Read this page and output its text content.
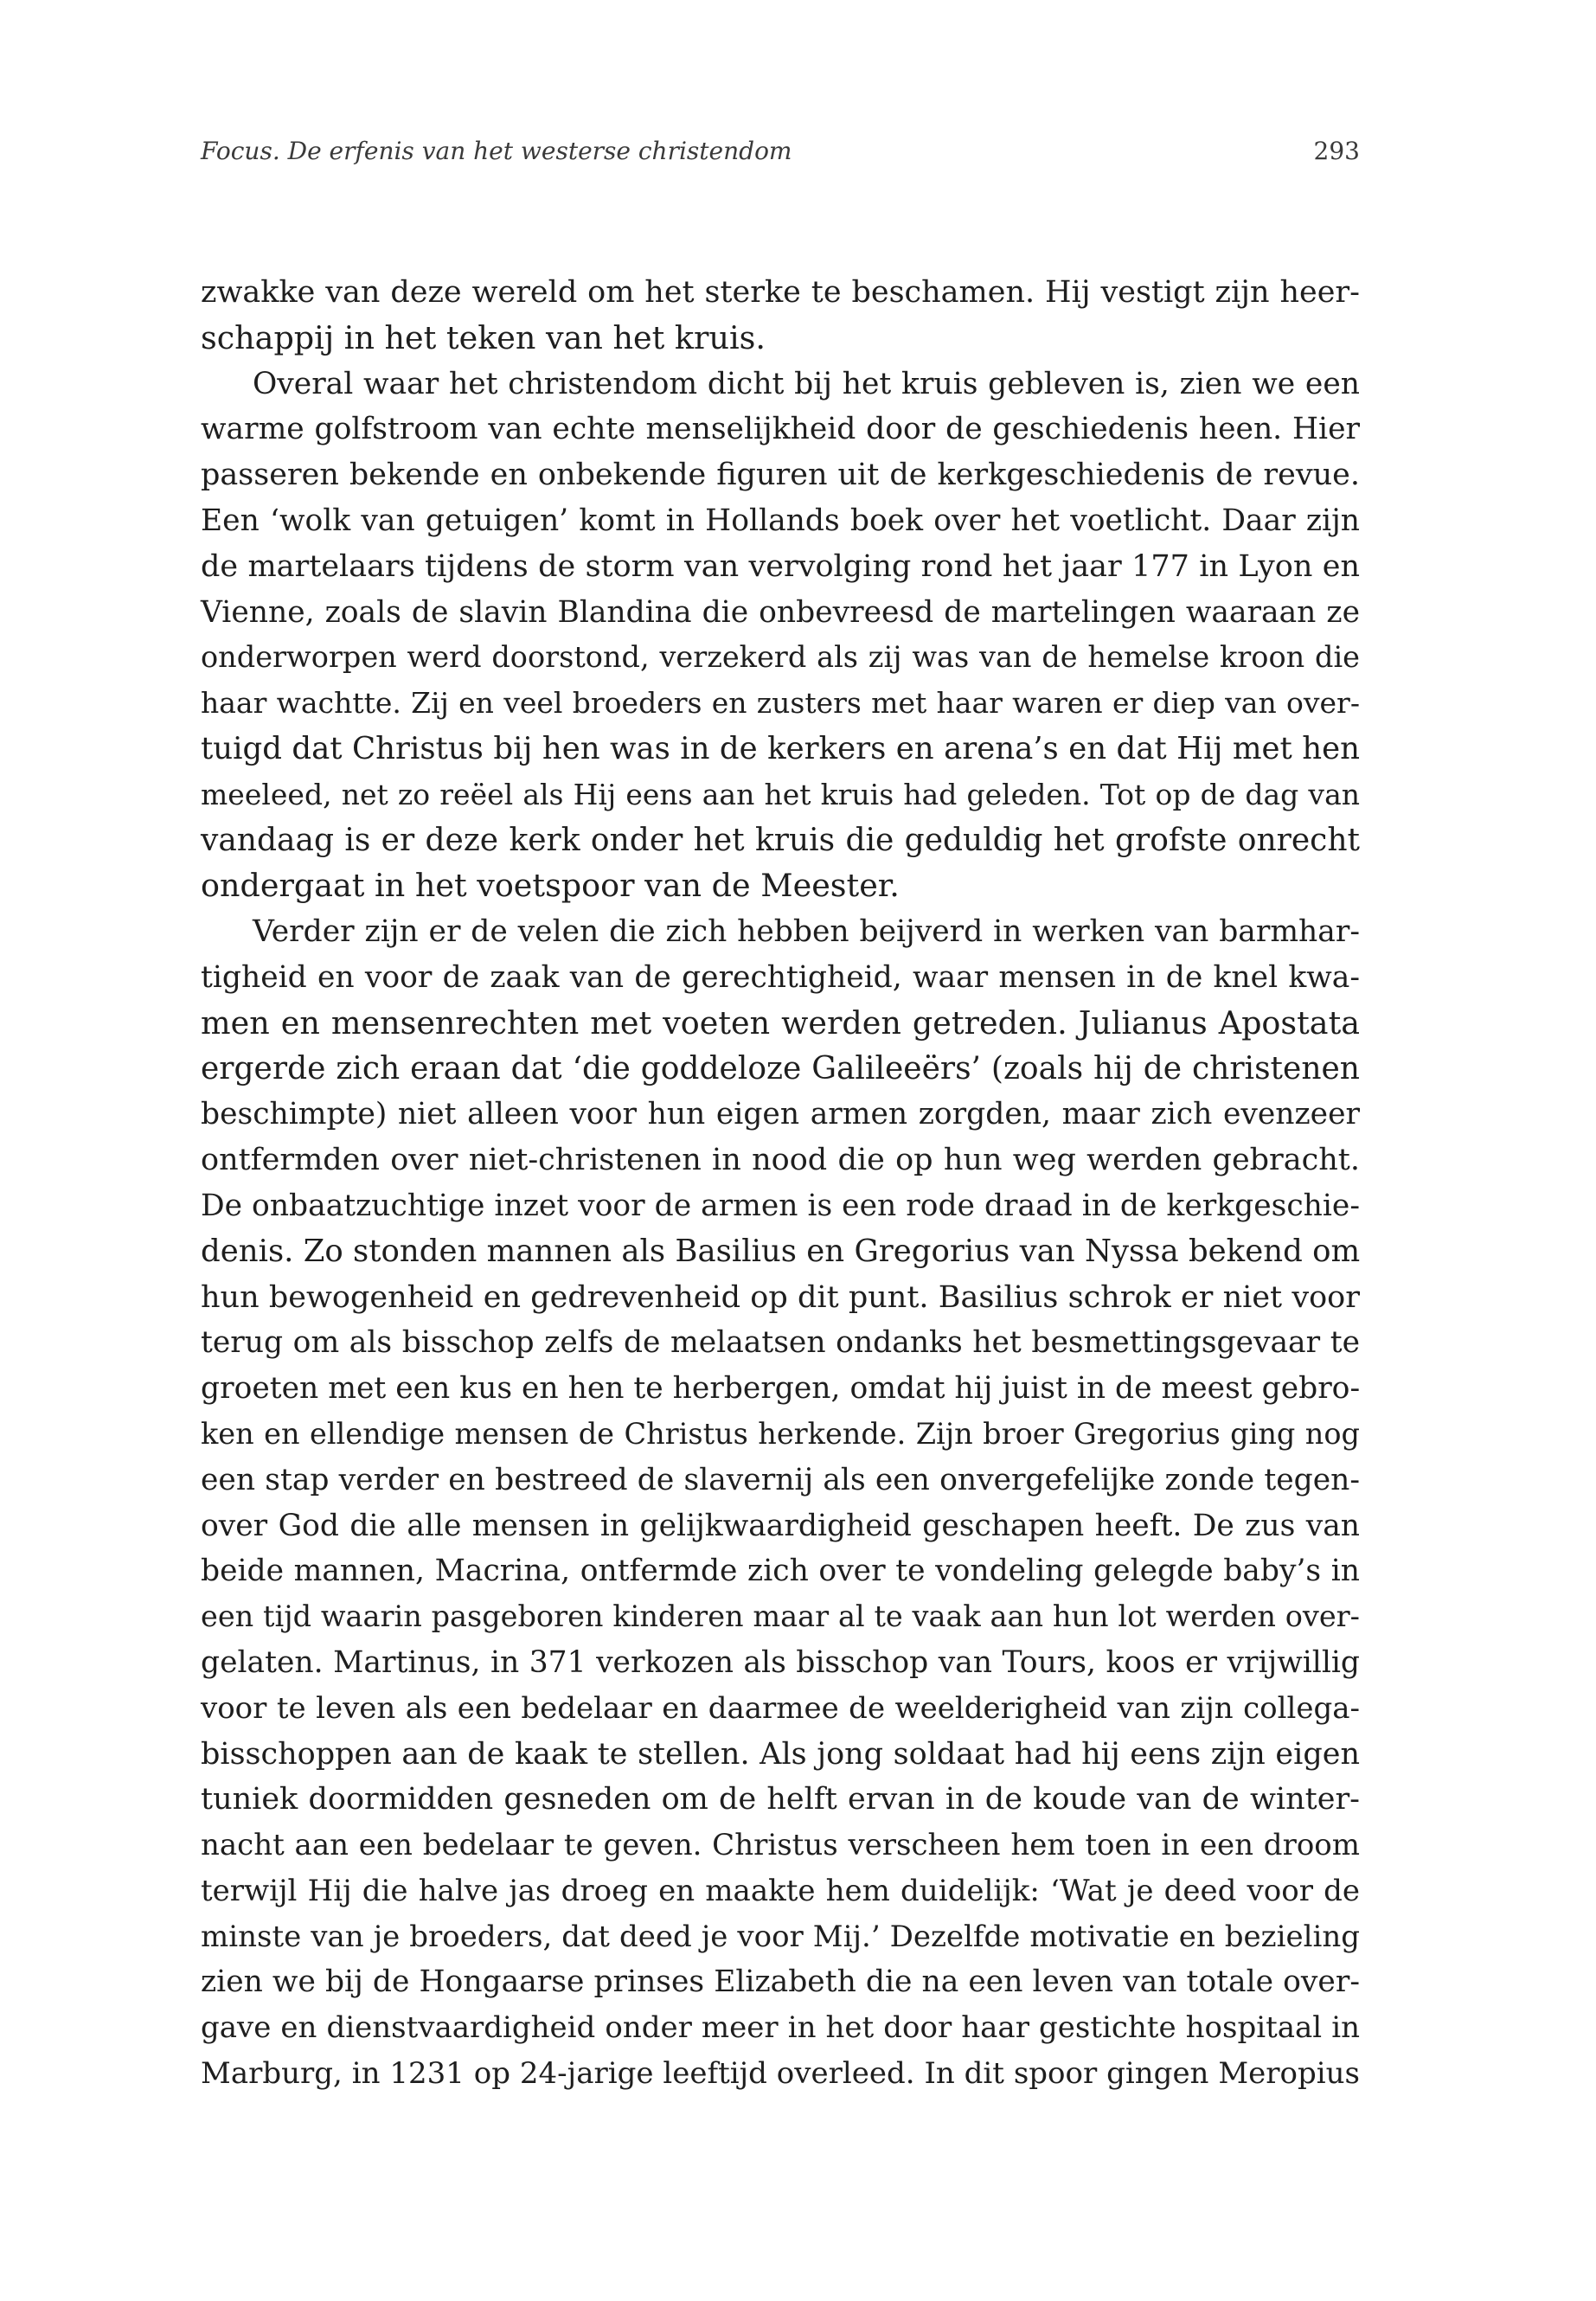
Focus. De erfenis van het westerse christendom	293
zwakke van deze wereld om het sterke te beschamen. Hij vestigt zijn heer-
schappij in het teken van het kruis.
Overal waar het christendom dicht bij het kruis gebleven is, zien we een
warme golfstroom van echte menselijkheid door de geschiedenis heen. Hier
passeren bekende en onbekende figuren uit de kerkgeschiedenis de revue.
Een ‘wolk van getuigen’ komt in Hollands boek over het voetlicht. Daar zijn
de martelaars tijdens de storm van vervolging rond het jaar 177 in Lyon en
Vienne, zoals de slavin Blandina die onbevreesd de martelingen waaraan ze
onderworpen werd doorstond, verzekerd als zij was van de hemelse kroon die
haar wachtte. Zij en veel broeders en zusters met haar waren er diep van over-
tuigd dat Christus bij hen was in de kerkers en arena’s en dat Hij met hen
meeleed, net zo reëel als Hij eens aan het kruis had geleden. Tot op de dag van
vandaag is er deze kerk onder het kruis die geduldig het grofste onrecht
ondergaat in het voetspoor van de Meester.
Verder zijn er de velen die zich hebben beijverd in werken van barmhar-
tigheid en voor de zaak van de gerechtigheid, waar mensen in de knel kwa-
men en mensenrechten met voeten werden getreden. Julianus Apostata
ergerde zich eraan dat ‘die goddeloze Galileeërs’ (zoals hij de christenen
beschimpte) niet alleen voor hun eigen armen zorgden, maar zich evenzeer
ontfermden over niet-christenen in nood die op hun weg werden gebracht.
De onbaatzuchtige inzet voor de armen is een rode draad in de kerkgeschie-
denis. Zo stonden mannen als Basilius en Gregorius van Nyssa bekend om
hun bewogenheid en gedrevenheid op dit punt. Basilius schrok er niet voor
terug om als bisschop zelfs de melaatsen ondanks het besmettingsgevaar te
groeten met een kus en hen te herbergen, omdat hij juist in de meest gebro-
ken en ellendige mensen de Christus herkende. Zijn broer Gregorius ging nog
een stap verder en bestreed de slavernij als een onvergefelijke zonde tegen-
over God die alle mensen in gelijkwaardigheid geschapen heeft. De zus van
beide mannen, Macrina, ontfermde zich over te vondeling gelegde baby’s in
een tijd waarin pasgeboren kinderen maar al te vaak aan hun lot werden over-
gelaten. Martinus, in 371 verkozen als bisschop van Tours, koos er vrijwillig
voor te leven als een bedelaar en daarmee de weelderigheid van zijn collega-
bisschoppen aan de kaak te stellen. Als jong soldaat had hij eens zijn eigen
tuniek doormidden gesneden om de helft ervan in de koude van de winter-
nacht aan een bedelaar te geven. Christus verscheen hem toen in een droom
terwijl Hij die halve jas droeg en maakte hem duidelijk: ‘Wat je deed voor de
minste van je broeders, dat deed je voor Mij.’ Dezelfde motivatie en bezieling
zien we bij de Hongaarse prinses Elizabeth die na een leven van totale over-
gave en dienstvaardigheid onder meer in het door haar gestichte hospitaal in
Marburg, in 1231 op 24-jarige leeftijd overleed. In dit spoor gingen Meropius
